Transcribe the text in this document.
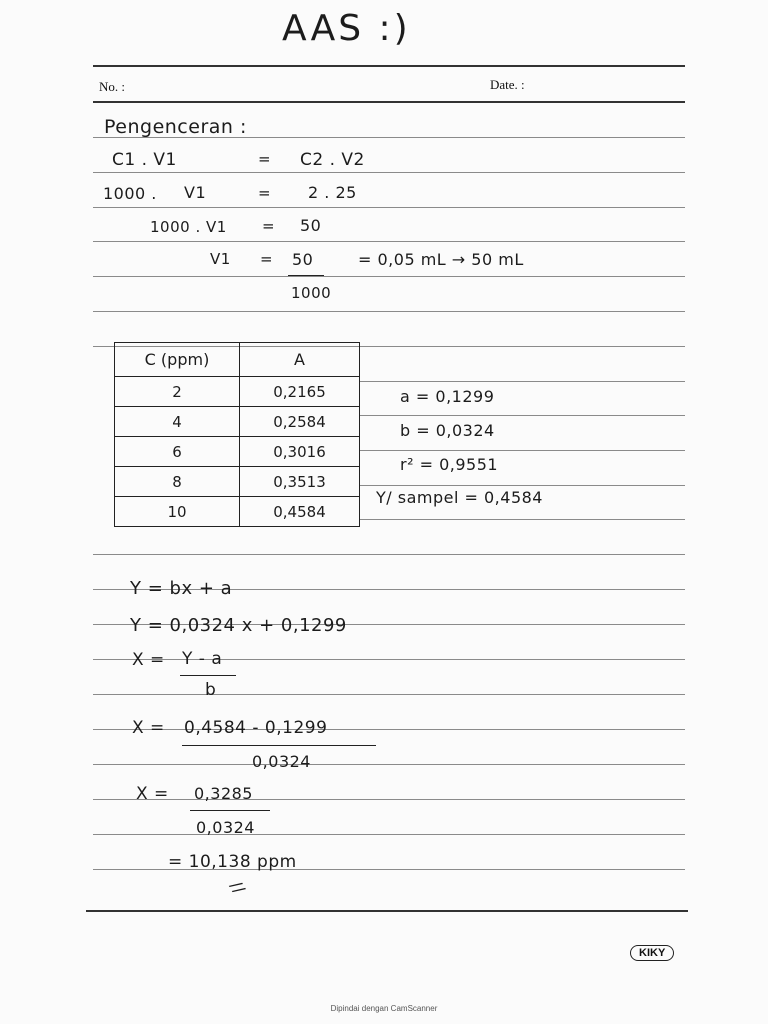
AAS :)
No. :	Date. :
Pengenceran :
C1 . V1	= C2 . V2
1000 . V1	= 2 . 25
1000 . V1 = 50
V1 = 50	= 0,05 mL → 50 mL
1000
C (ppm)	A
2	0,2165
4	0,2584
6	0,3016
8	0,3513
10	0,4584
a = 0,1299
b = 0,0324
r² = 0,9551
Y/ sampel = 0,4584
Y = bx + a
Y = 0,0324 x + 0,1299
X = Y - a
b
X = 0,4584 - 0,1299
0,0324
X = 0,3285
0,0324
= 10,138 ppm
//
KIKY
Dipindai dengan CamScanner
